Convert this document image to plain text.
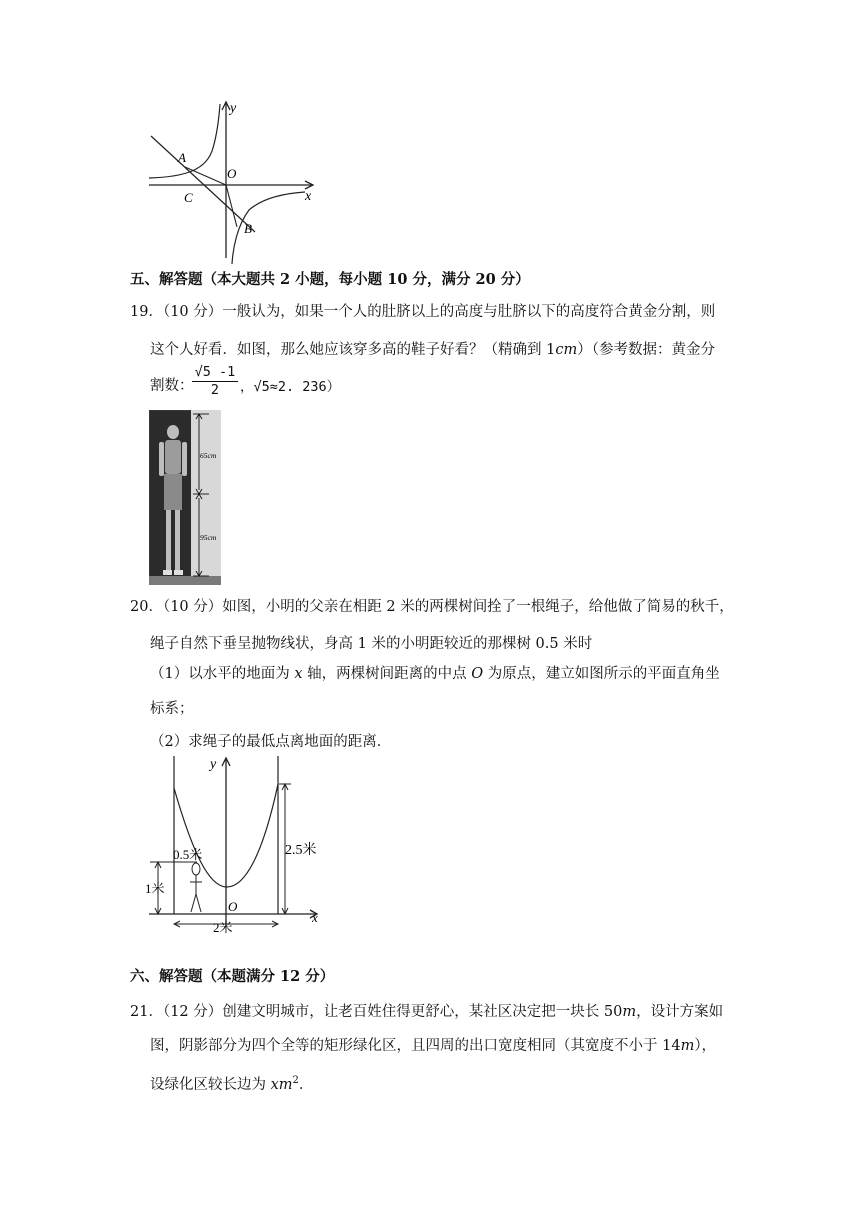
y
x
A
O
C
B
五、解答题（本大题共 2 小题，每小题 10 分，满分 20 分）
19．（10 分）一般认为，如果一个人的肚脐以上的高度与肚脐以下的高度符合黄金分割，则
这个人好看．如图，那么她应该穿多高的鞋子好看？（精确到 1cm）（参考数据：黄金分
割数：
$\frac{√5 -1}{2}$ ，√5≈2. 236）
65cm
95cm
20．（10 分）如图，小明的父亲在相距 2 米的两棵树间拴了一根绳子，给他做了简易的秋千，
绳子自然下垂呈抛物线状，身高 1 米的小明距较近的那棵树 0.5 米时
（1）以水平的地面为 x 轴，两棵树间距离的中点 O 为原点，建立如图所示的平面直角坐
标系；
（2）求绳子的最低点离地面的距离．
y
x
O
0.5米
1米
2.5米
2米
六、解答题（本题满分 12 分）
21．（12 分）创建文明城市，让老百姓住得更舒心，某社区决定把一块长 50m，设计方案如
图，阴影部分为四个全等的矩形绿化区，且四周的出口宽度相同（其宽度不小于 14m），
设绿化区较长边为 $xm^2$．
